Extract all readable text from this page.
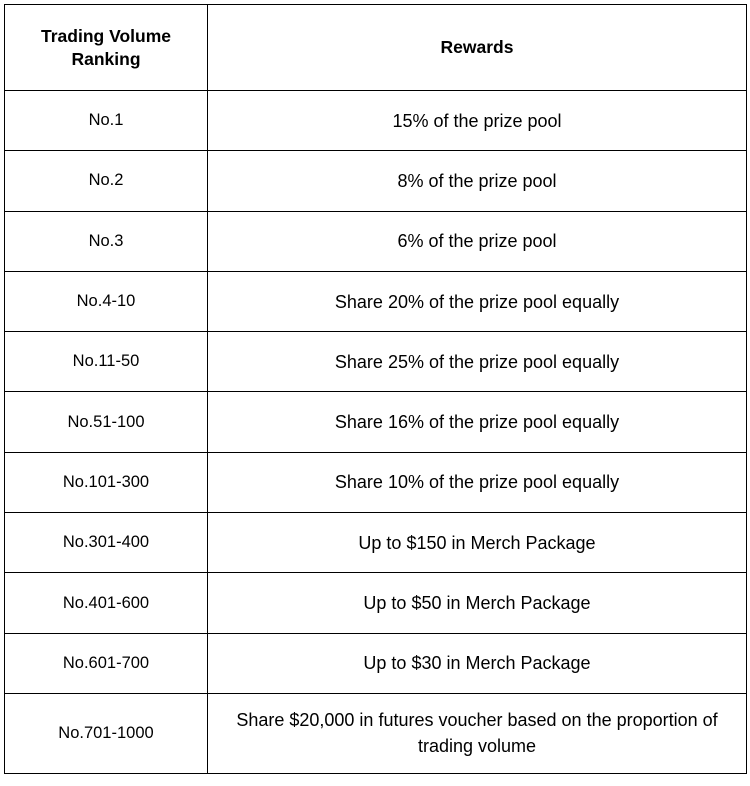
Trading Volume Ranking	Rewards
No.1	15% of the prize pool
No.2	8% of the prize pool
No.3	6% of the prize pool
No.4-10	Share 20% of the prize pool equally
No.11-50	Share 25% of the prize pool equally
No.51-100	Share 16% of the prize pool equally
No.101-300	Share 10% of the prize pool equally
No.301-400	Up to $150 in Merch Package
No.401-600	Up to $50 in Merch Package
No.601-700	Up to $30 in Merch Package
No.701-1000	Share $20,000 in futures voucher based on the proportion of trading volume
